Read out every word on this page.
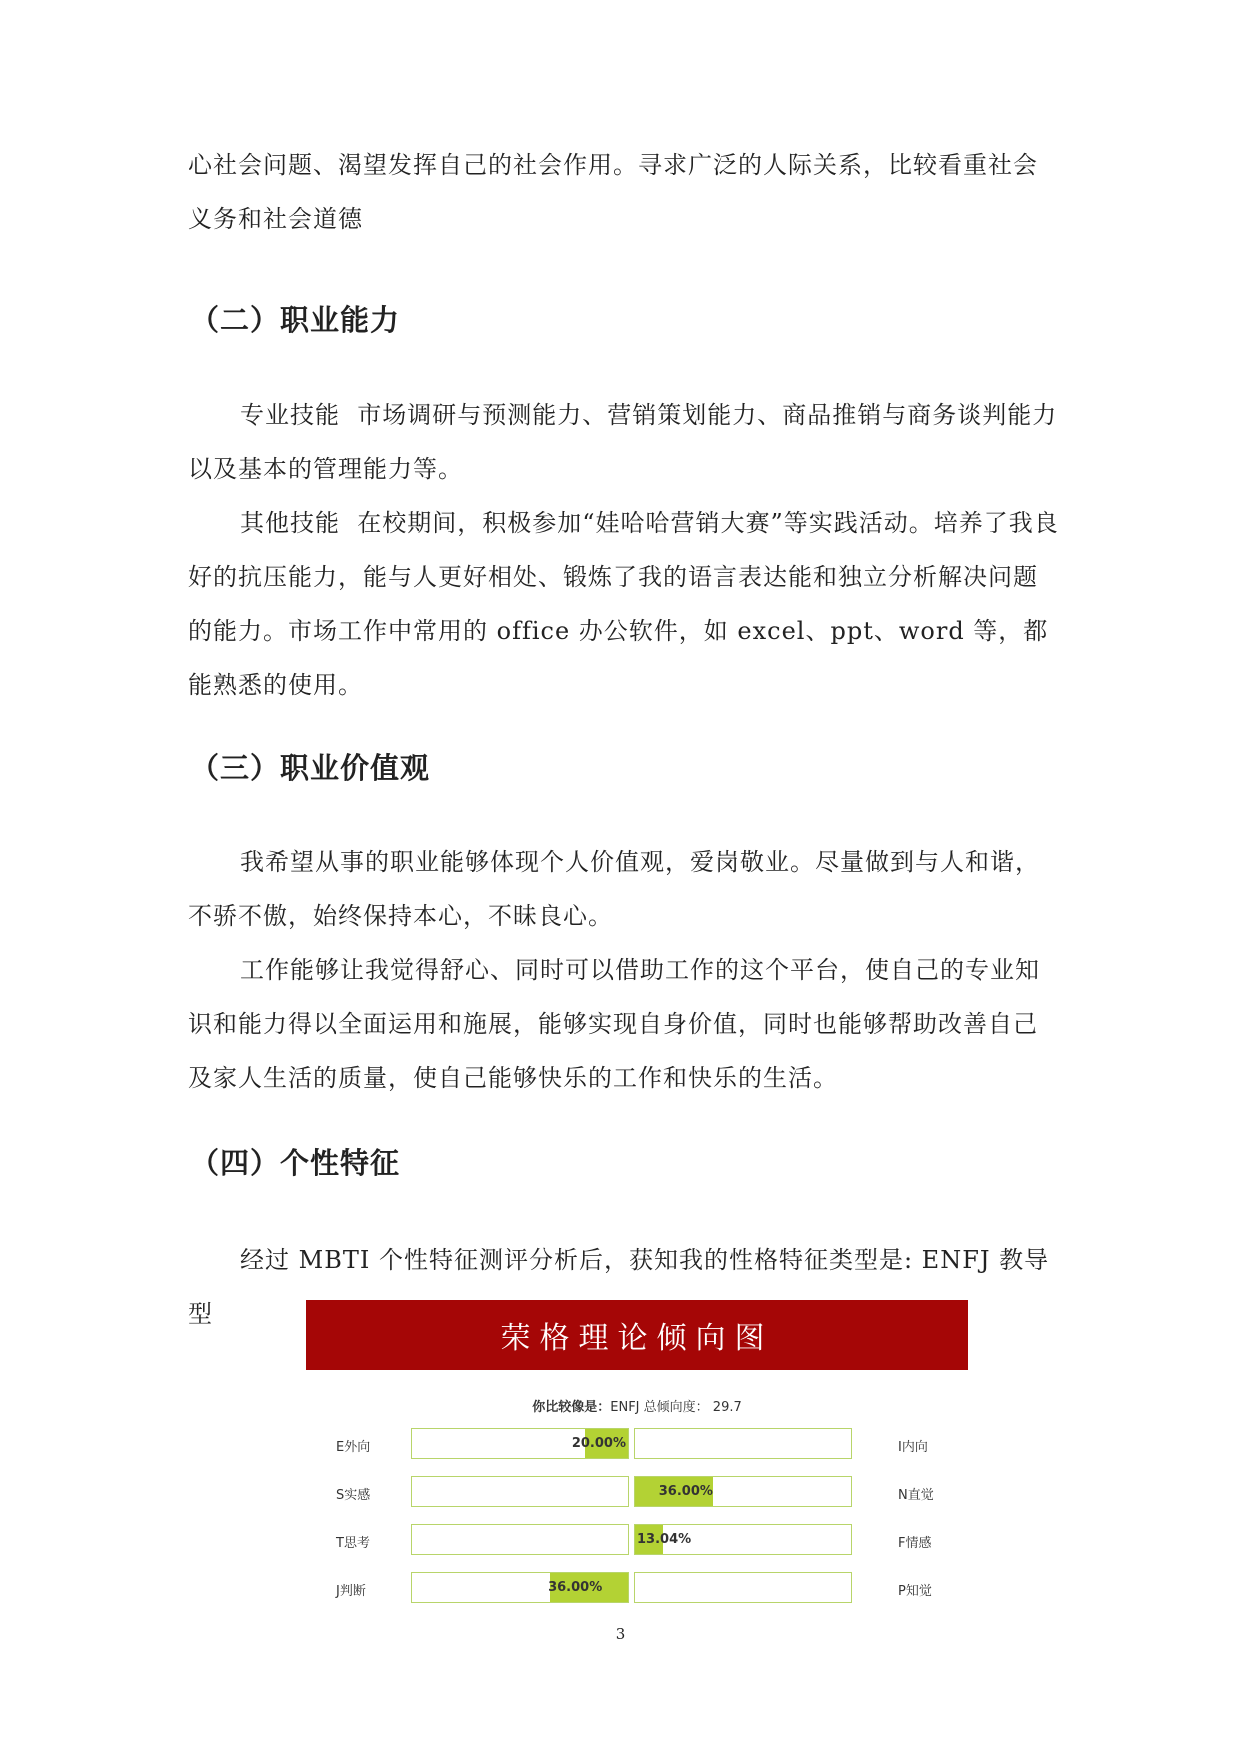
心社会问题、渴望发挥自己的社会作用。寻求广泛的人际关系，比较看重社会义务和社会道德

（二）职业能力

专业技能 市场调研与预测能力、营销策划能力、商品推销与商务谈判能力以及基本的管理能力等。

其他技能 在校期间，积极参加“娃哈哈营销大赛”等实践活动。培养了我良好的抗压能力，能与人更好相处、锻炼了我的语言表达能和独立分析解决问题的能力。市场工作中常用的 office 办公软件，如 excel、ppt、word 等，都能熟悉的使用。

（三）职业价值观

我希望从事的职业能够体现个人价值观，爱岗敬业。尽量做到与人和谐，不骄不傲，始终保持本心，不昧良心。

工作能够让我觉得舒心、同时可以借助工作的这个平台，使自己的专业知识和能力得以全面运用和施展，能够实现自身价值，同时也能够帮助改善自己及家人生活的质量，使自己能够快乐的工作和快乐的生活。

（四）个性特征

经过 MBTI 个性特征测评分析后，获知我的性格特征类型是: ENFJ 教导型

荣格理论倾向图
你比较像是：ENFJ 总倾向度： 29.7
E外向	I内向
20.00%
S实感	N直觉
36.00%
T思考	F情感
13.04%
J判断	P知觉
36.00%
3
